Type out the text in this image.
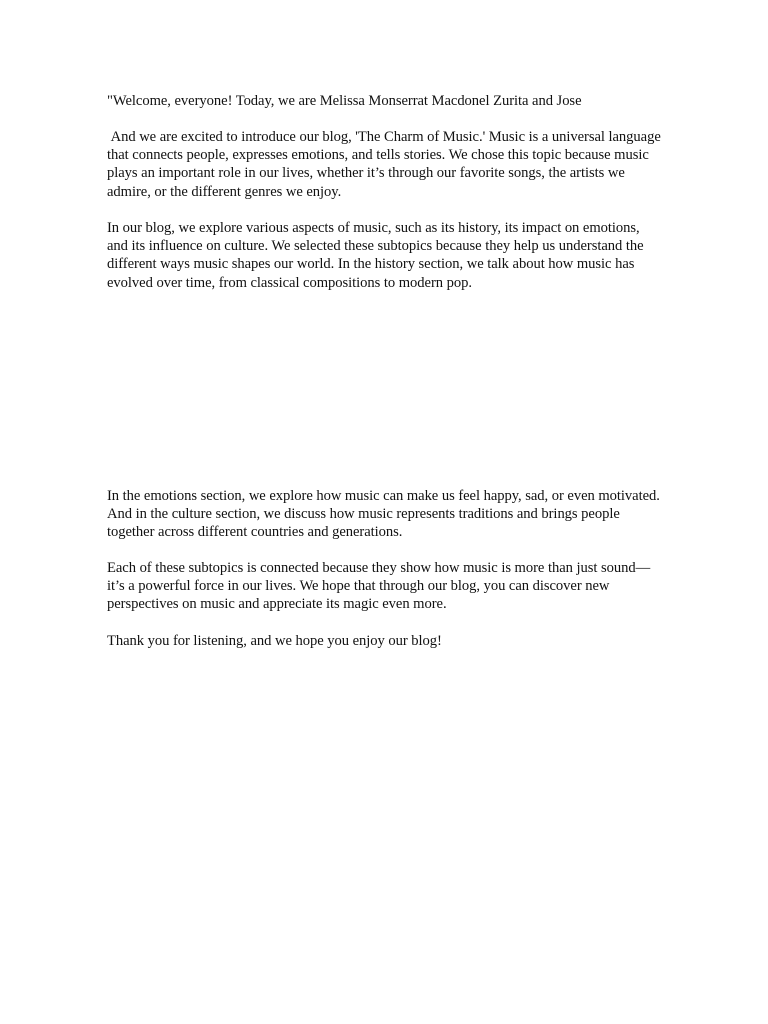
"Welcome, everyone! Today, we are Melissa Monserrat Macdonel Zurita and Jose

And we are excited to introduce our blog, 'The Charm of Music.' Music is a universal language that connects people, expresses emotions, and tells stories. We chose this topic because music plays an important role in our lives, whether it’s through our favorite songs, the artists we admire, or the different genres we enjoy.

In our blog, we explore various aspects of music, such as its history, its impact on emotions, and its influence on culture. We selected these subtopics because they help us understand the different ways music shapes our world. In the history section, we talk about how music has evolved over time, from classical compositions to modern pop.

In the emotions section, we explore how music can make us feel happy, sad, or even motivated. And in the culture section, we discuss how music represents traditions and brings people together across different countries and generations.

Each of these subtopics is connected because they show how music is more than just sound—it’s a powerful force in our lives. We hope that through our blog, you can discover new perspectives on music and appreciate its magic even more.

Thank you for listening, and we hope you enjoy our blog!
